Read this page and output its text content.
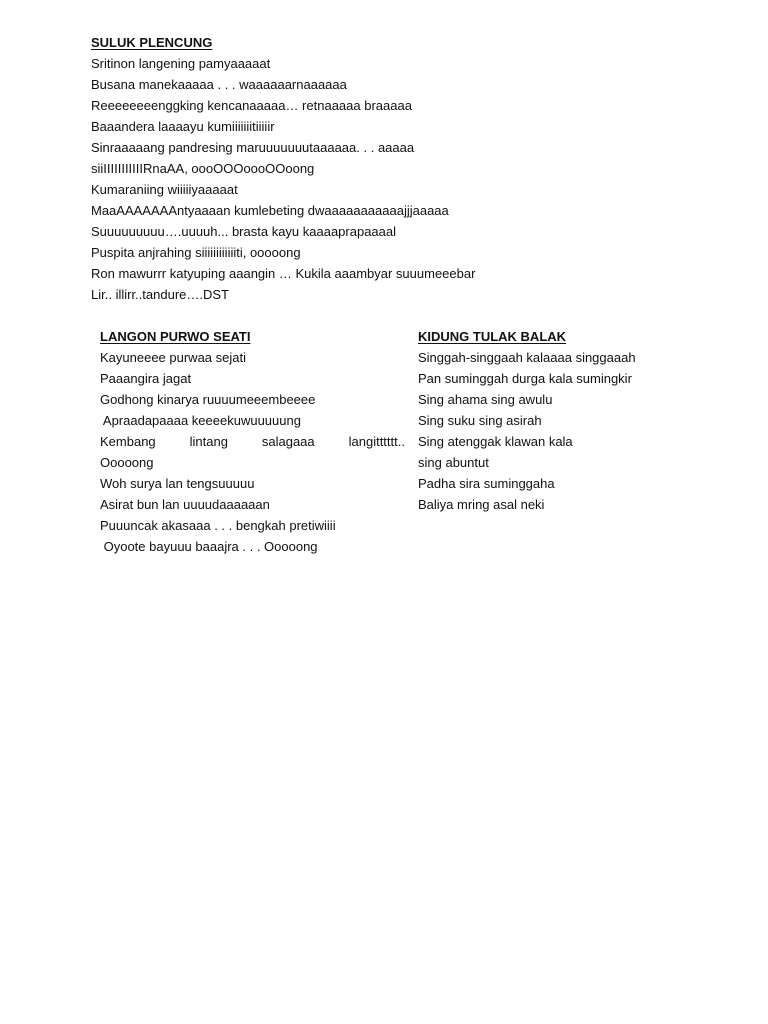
SULUK PLENCUNG

Sritinon langening pamyaaaaat

Busana manekaaaaa . . . waaaaaarnaaaaaa

Reeeeeeeenggking kencanaaaaa… retnaaaaa braaaaa

Baaandera laaaayu kumiiiiiiitiiiiir

Sinraaaaang pandresing maruuuuuuutaaaaaa. . . aaaaa

siiIIIIIIIIIIIRnaAA, oooOOOoooOOoong

Kumaraniing wiiiiiyaaaaat

MaaAAAAAAAntyaaaan kumlebeting dwaaaaaaaaaaajjjaaaaa

Suuuuuuuuu….uuuuh... brasta kayu kaaaaprapaaaal

Puspita anjrahing siiiiiiiiiiiiti, ooooong

Ron mawurrr katyuping aaangin … Kukila aaambyar suuumeeebar

Lir.. illirr..tandure….DST

LANGON PURWO SEATI

Kayuneeee purwaa sejati

Paaangira jagat

Godhong kinarya ruuuumeeembeeee

Apraadapaaaa keeeekuwuuuuung

Kembang	lintang	salagaaa	langitttttt..

Ooooong

Woh surya lan tengsuuuuu

Asirat bun lan uuuudaaaaaan

Puuuncak akasaaa . . . bengkah pretiwiiii

Oyoote bayuuu baaajra . . . Ooooong

KIDUNG TULAK BALAK

Singgah-singgaah kalaaaa singgaaah

Pan suminggah durga kala sumingkir

Sing ahama sing awulu

Sing suku sing asirah

Sing atenggak klawan kala

sing abuntut

Padha sira suminggaha

Baliya mring asal neki
